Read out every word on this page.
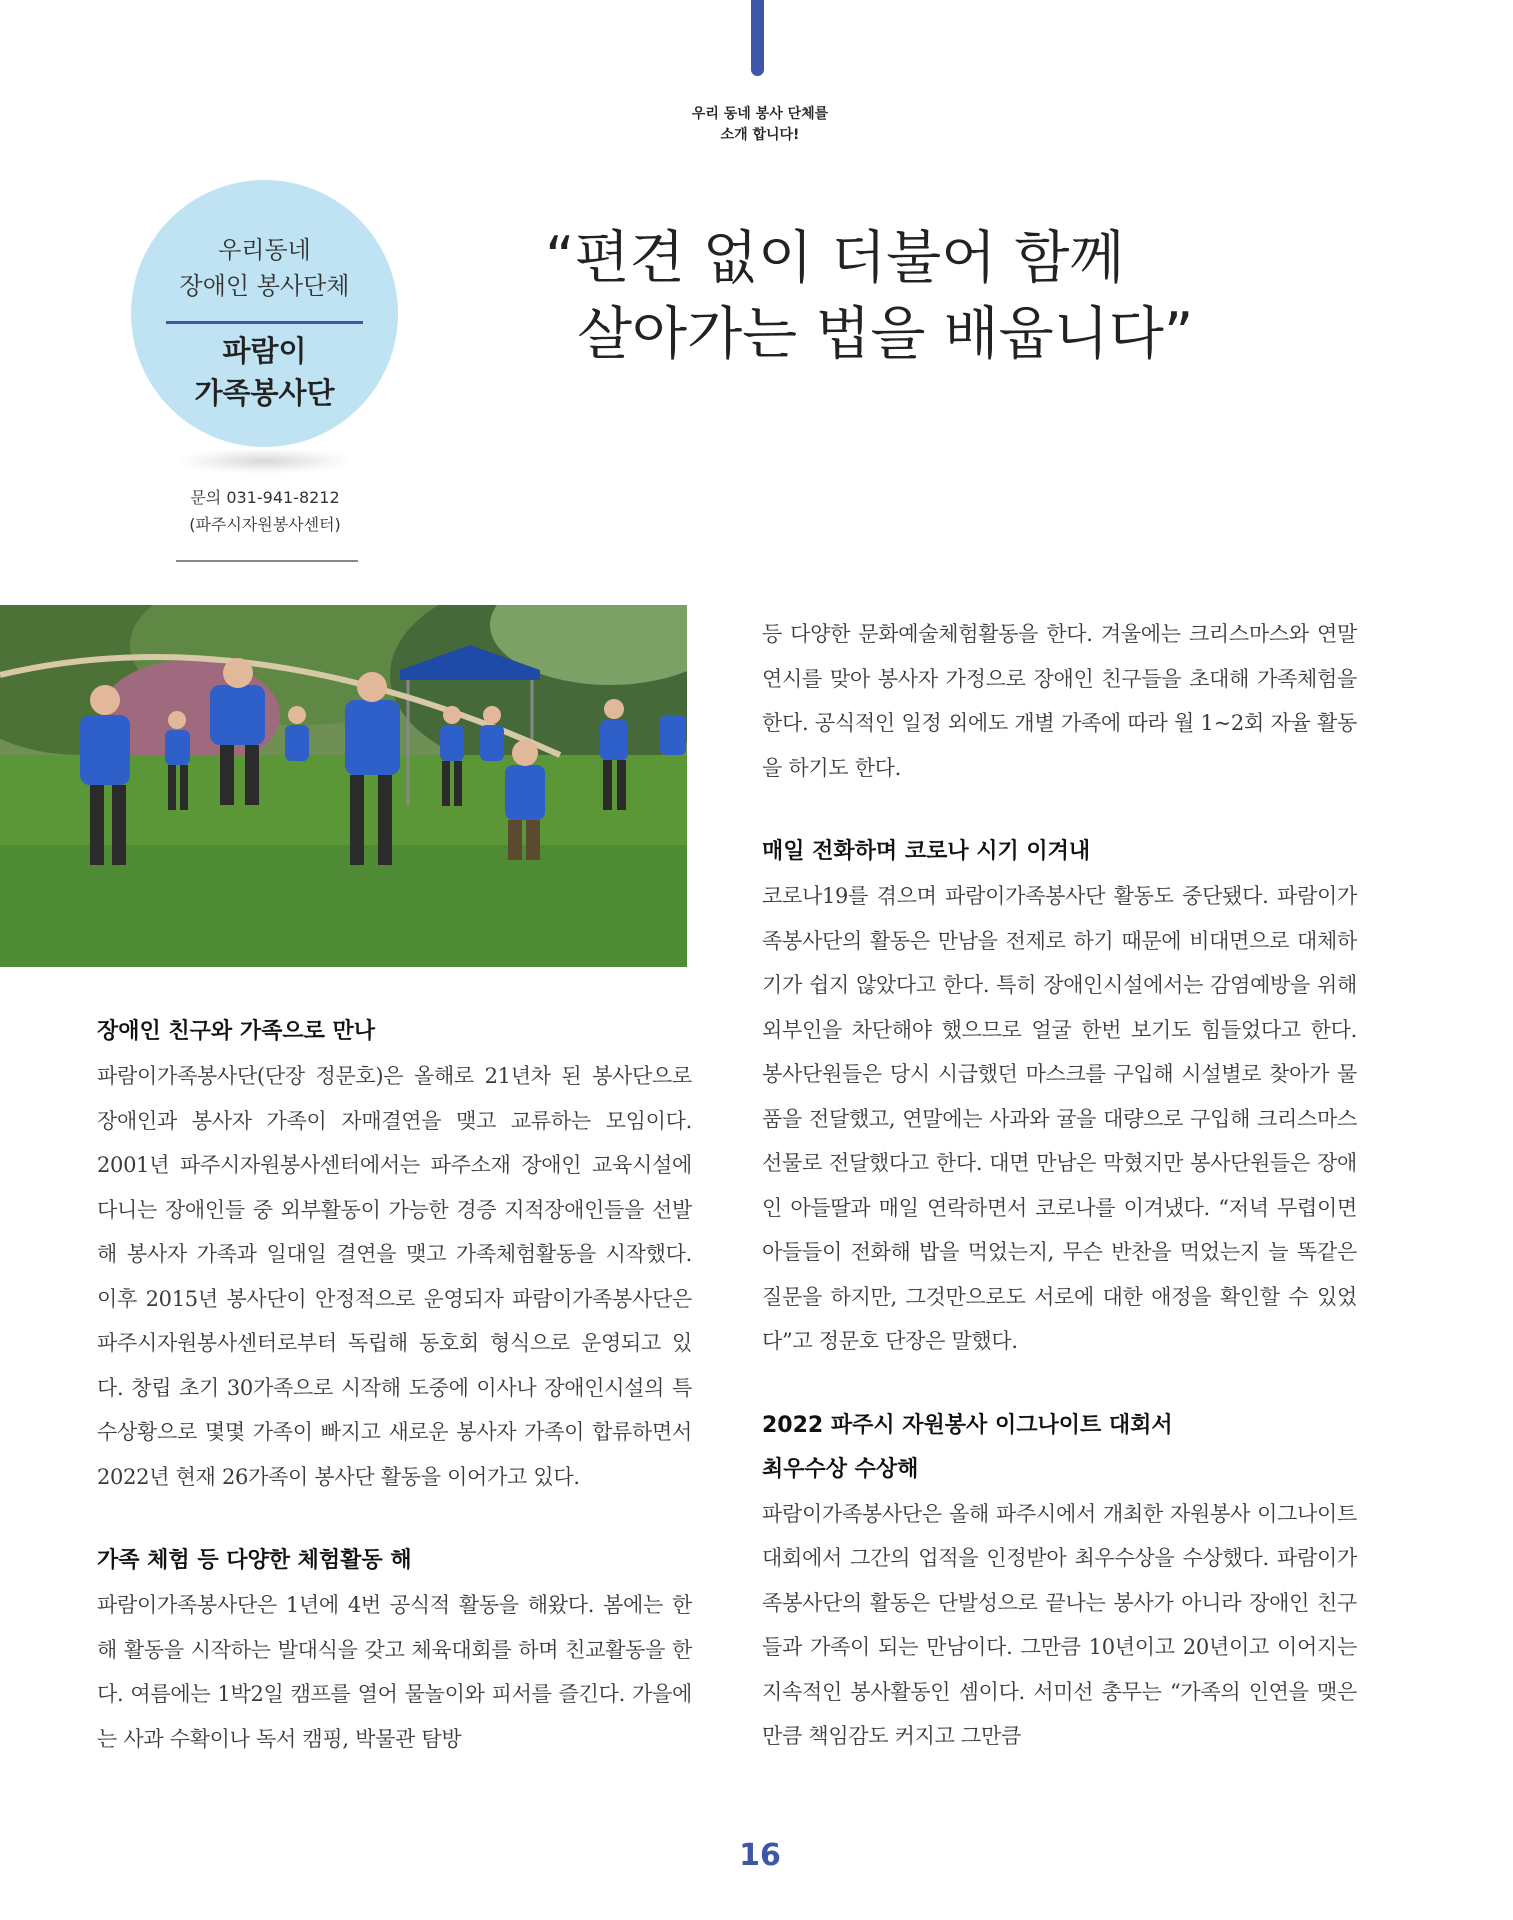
우리 동네 봉사 단체를
소개 합니다!
우리동네
장애인 봉사단체
파람이
가족봉사단
문의 031-941-8212
(파주시자원봉사센터)
“편견 없이 더불어 함께
살아가는 법을 배웁니다”
장애인 친구와 가족으로 만나

파람이가족봉사단(단장 정문호)은 올해로 21년차 된 봉사단으로 장애인과 봉사자 가족이 자매결연을 맺고 교류하는 모임이다. 2001년 파주시자원봉사센터에서는 파주소재 장애인 교육시설에 다니는 장애인들 중 외부활동이 가능한 경증 지적장애인들을 선발해 봉사자 가족과 일대일 결연을 맺고 가족체험활동을 시작했다. 이후 2015년 봉사단이 안정적으로 운영되자 파람이가족봉사단은 파주시자원봉사센터로부터 독립해 동호회 형식으로 운영되고 있다. 창립 초기 30가족으로 시작해 도중에 이사나 장애인시설의 특수상황으로 몇몇 가족이 빠지고 새로운 봉사자 가족이 합류하면서 2022년 현재 26가족이 봉사단 활동을 이어가고 있다.

가족 체험 등 다양한 체험활동 해

파람이가족봉사단은 1년에 4번 공식적 활동을 해왔다. 봄에는 한해 활동을 시작하는 발대식을 갖고 체육대회를 하며 친교활동을 한다. 여름에는 1박2일 캠프를 열어 물놀이와 피서를 즐긴다. 가을에는 사과 수확이나 독서 캠핑, 박물관 탐방

등 다양한 문화예술체험활동을 한다. 겨울에는 크리스마스와 연말연시를 맞아 봉사자 가정으로 장애인 친구들을 초대해 가족체험을 한다. 공식적인 일정 외에도 개별 가족에 따라 월 1~2회 자율 활동을 하기도 한다.

매일 전화하며 코로나 시기 이겨내

코로나19를 겪으며 파람이가족봉사단 활동도 중단됐다. 파람이가족봉사단의 활동은 만남을 전제로 하기 때문에 비대면으로 대체하기가 쉽지 않았다고 한다. 특히 장애인시설에서는 감염예방을 위해 외부인을 차단해야 했으므로 얼굴 한번 보기도 힘들었다고 한다. 봉사단원들은 당시 시급했던 마스크를 구입해 시설별로 찾아가 물품을 전달했고, 연말에는 사과와 귤을 대량으로 구입해 크리스마스 선물로 전달했다고 한다. 대면 만남은 막혔지만 봉사단원들은 장애인 아들딸과 매일 연락하면서 코로나를 이겨냈다. “저녁 무렵이면 아들들이 전화해 밥을 먹었는지, 무슨 반찬을 먹었는지 늘 똑같은 질문을 하지만, 그것만으로도 서로에 대한 애정을 확인할 수 있었다”고 정문호 단장은 말했다.

2022 파주시 자원봉사 이그나이트 대회서
최우수상 수상해

파람이가족봉사단은 올해 파주시에서 개최한 자원봉사 이그나이트 대회에서 그간의 업적을 인정받아 최우수상을 수상했다. 파람이가족봉사단의 활동은 단발성으로 끝나는 봉사가 아니라 장애인 친구들과 가족이 되는 만남이다. 그만큼 10년이고 20년이고 이어지는 지속적인 봉사활동인 셈이다. 서미선 총무는 “가족의 인연을 맺은 만큼 책임감도 커지고 그만큼

16
